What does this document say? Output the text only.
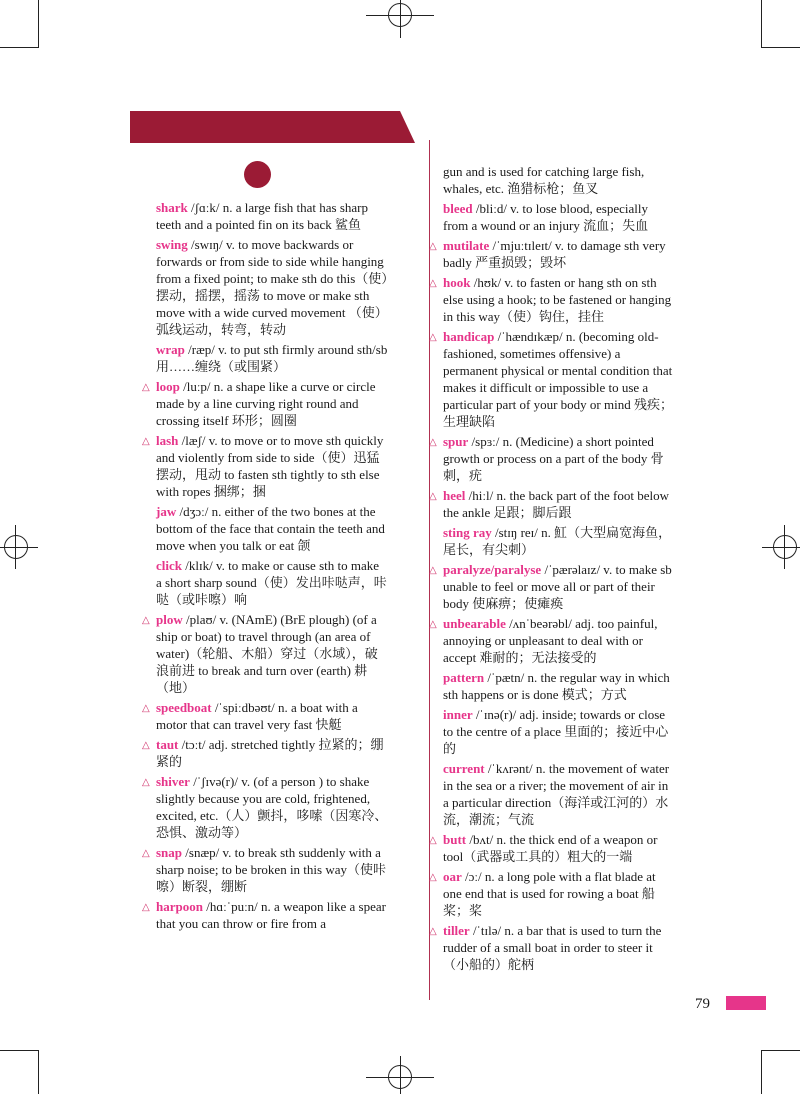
shark /ʃɑːk/ n. a large fish that has sharp teeth and a pointed fin on its back 鲨鱼
swing /swɪŋ/ v. to move backwards or forwards or from side to side while hanging from a fixed point; to make sth do this（使）摆动，摇摆，摇荡 to move or make sth move with a wide curved movement （使）弧线运动，转弯，转动
wrap /ræp/ v. to put sth firmly around sth/sb 用……缠绕（或围紧）
△ loop /luːp/ n. a shape like a curve or circle made by a line curving right round and crossing itself 环形；圆圈
△ lash /læʃ/ v. to move or to move sth quickly and violently from side to side（使）迅猛摆动，甩动 to fasten sth tightly to sth else with ropes 捆绑；捆
jaw /dʒɔː/ n. either of the two bones at the bottom of the face that contain the teeth and move when you talk or eat 颌
click /klɪk/ v. to make or cause sth to make a short sharp sound（使）发出咔哒声，咔哒（或咔嚓）响
△ plow /plaʊ/ v. (NAmE) (BrE plough) (of a ship or boat) to travel through (an area of water)（轮船、木船）穿过（水域），破浪前进 to break and turn over (earth) 耕（地）
△ speedboat /ˈspiːdbəʊt/ n. a boat with a motor that can travel very fast 快艇
△ taut /tɔːt/ adj. stretched tightly 拉紧的；绷紧的
△ shiver /ˈʃɪvə(r)/ v. (of a person ) to shake slightly because you are cold, frightened, excited, etc.（人）颤抖，哆嗦（因寒冷、恐惧、激动等）
△ snap /snæp/ v. to break sth suddenly with a sharp noise; to be broken in this way（使咔嚓）断裂，绷断
△ harpoon /hɑːˈpuːn/ n. a weapon like a spear that you can throw or fire from a
gun and is used for catching large fish, whales, etc. 渔猎标枪；鱼叉
bleed /bliːd/ v. to lose blood, especially from a wound or an injury 流血；失血
△ mutilate /ˈmjuːtɪleɪt/ v. to damage sth very badly 严重损毁；毁坏
△ hook /hʊk/ v. to fasten or hang sth on sth else using a hook; to be fastened or hanging in this way（使）钩住，挂住
△ handicap /ˈhændɪkæp/ n. (becoming old-fashioned, sometimes offensive) a permanent physical or mental condition that makes it difficult or impossible to use a particular part of your body or mind 残疾；生理缺陷
△ spur /spɜː/ n. (Medicine) a short pointed growth or process on a part of the body 骨刺，疣
△ heel /hiːl/ n. the back part of the foot below the ankle 足跟；脚后跟
sting ray /stɪŋ reɪ/ n. 魟（大型扁宽海鱼，尾长，有尖刺）
△ paralyze/paralyse /ˈpærəlaɪz/ v. to make sb unable to feel or move all or part of their body 使麻痹；使瘫痪
△ unbearable /ʌnˈbeərəbl/ adj. too painful, annoying or unpleasant to deal with or accept 难耐的；无法接受的
pattern /ˈpætn/ n. the regular way in which sth happens or is done 模式；方式
inner /ˈɪnə(r)/ adj. inside; towards or close to the centre of a place 里面的；接近中心的
current /ˈkʌrənt/ n. the movement of water in the sea or a river; the movement of air in a particular direction（海洋或江河的）水流，潮流；气流
△ butt /bʌt/ n. the thick end of a weapon or tool（武器或工具的）粗大的一端
△ oar /ɔː/ n. a long pole with a flat blade at one end that is used for rowing a boat 船桨；桨
△ tiller /ˈtɪlə/ n. a bar that is used to turn the rudder of a small boat in order to steer it（小船的）舵柄
79
